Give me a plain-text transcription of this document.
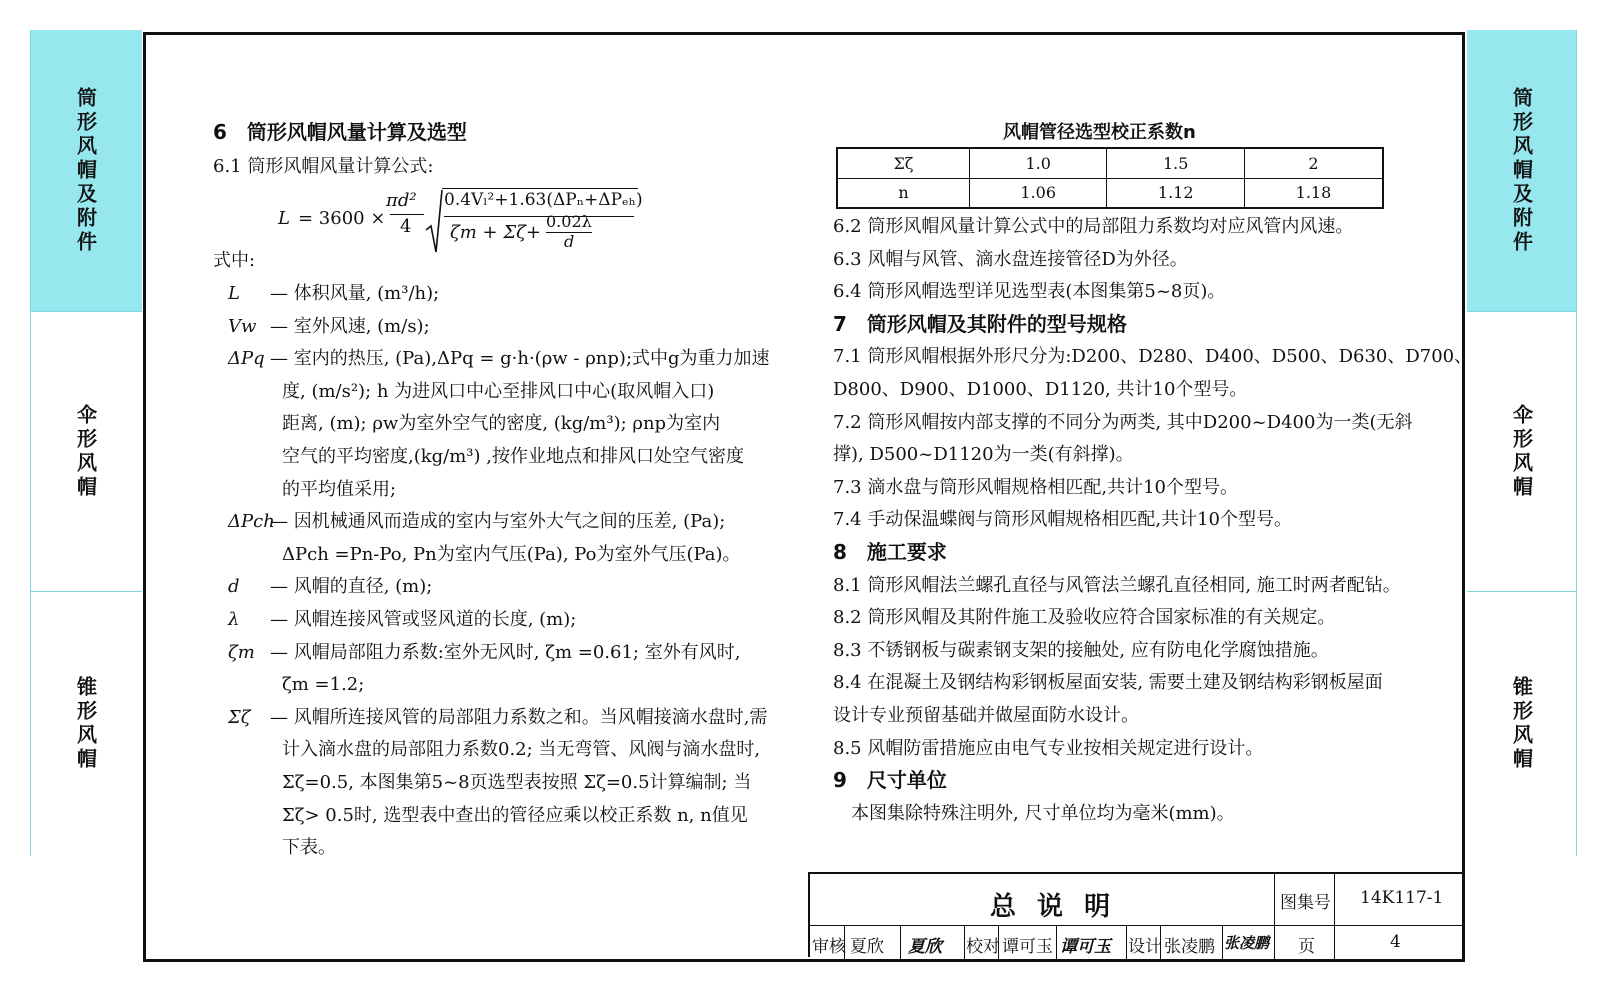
筒形风帽及附件
伞形风帽
锥形风帽
筒形风帽及附件
伞形风帽
锥形风帽
6　筒形风帽风量计算及选型
6.1 筒形风帽风量计算公式:
L = 3600 ×
πd²
4
0.4Vₗ²+1.63(ΔPₙ+ΔPₑₕ)
ζm + Σζ+
0.02λ
d
式中:
L — 体积风量, (m³/h);
Vw — 室外风速, (m/s);
ΔPq — 室内的热压, (Pa),ΔPq = g·h·(ρw - ρnp);式中g为重力加速
度, (m/s²); h 为进风口中心至排风口中心(取风帽入口)
距离, (m); ρw为室外空气的密度, (kg/m³); ρnp为室内
空气的平均密度,(kg/m³) ,按作业地点和排风口处空气密度
的平均值采用;
ΔPch— 因机械通风而造成的室内与室外大气之间的压差, (Pa);
ΔPch =Pn-Po, Pn为室内气压(Pa), Po为室外气压(Pa)。
d — 风帽的直径, (m);
λ — 风帽连接风管或竖风道的长度, (m);
ζm — 风帽局部阻力系数:室外无风时, ζm =0.61; 室外有风时,
ζm =1.2;
Σζ — 风帽所连接风管的局部阻力系数之和。当风帽接滴水盘时,需
计入滴水盘的局部阻力系数0.2; 当无弯管、风阀与滴水盘时,
Σζ=0.5, 本图集第5~8页选型表按照 Σζ=0.5计算编制; 当
Σζ> 0.5时, 选型表中查出的管径应乘以校正系数 n, n值见
下表。
风帽管径选型校正系数n
Σζ	1.0	1.5	2
n	1.06	1.12	1.18
6.2 筒形风帽风量计算公式中的局部阻力系数均对应风管内风速。
6.3 风帽与风管、滴水盘连接管径D为外径。
6.4 筒形风帽选型详见选型表(本图集第5~8页)。
7　筒形风帽及其附件的型号规格
7.1 筒形风帽根据外形尺分为:D200、D280、D400、D500、D630、D700、
D800、D900、D1000、D1120, 共计10个型号。
7.2 筒形风帽按内部支撑的不同分为两类, 其中D200~D400为一类(无斜
撑), D500~D1120为一类(有斜撑)。
7.3 滴水盘与筒形风帽规格相匹配,共计10个型号。
7.4 手动保温蝶阀与筒形风帽规格相匹配,共计10个型号。
8　施工要求
8.1 筒形风帽法兰螺孔直径与风管法兰螺孔直径相同, 施工时两者配钻。
8.2 筒形风帽及其附件施工及验收应符合国家标准的有关规定。
8.3 不锈钢板与碳素钢支架的接触处, 应有防电化学腐蚀措施。
8.4 在混凝土及钢结构彩钢板屋面安装, 需要土建及钢结构彩钢板屋面
设计专业预留基础并做屋面防水设计。
8.5 风帽防雷措施应由电气专业按相关规定进行设计。
9　尺寸单位
　本图集除特殊注明外, 尺寸单位均为毫米(mm)。
总 说 明	图集号 14K117-1
审核 夏欣 夏欣 校对 谭可玉 谭可玉 设计 张凌鹏 张凌鹏 页	4
